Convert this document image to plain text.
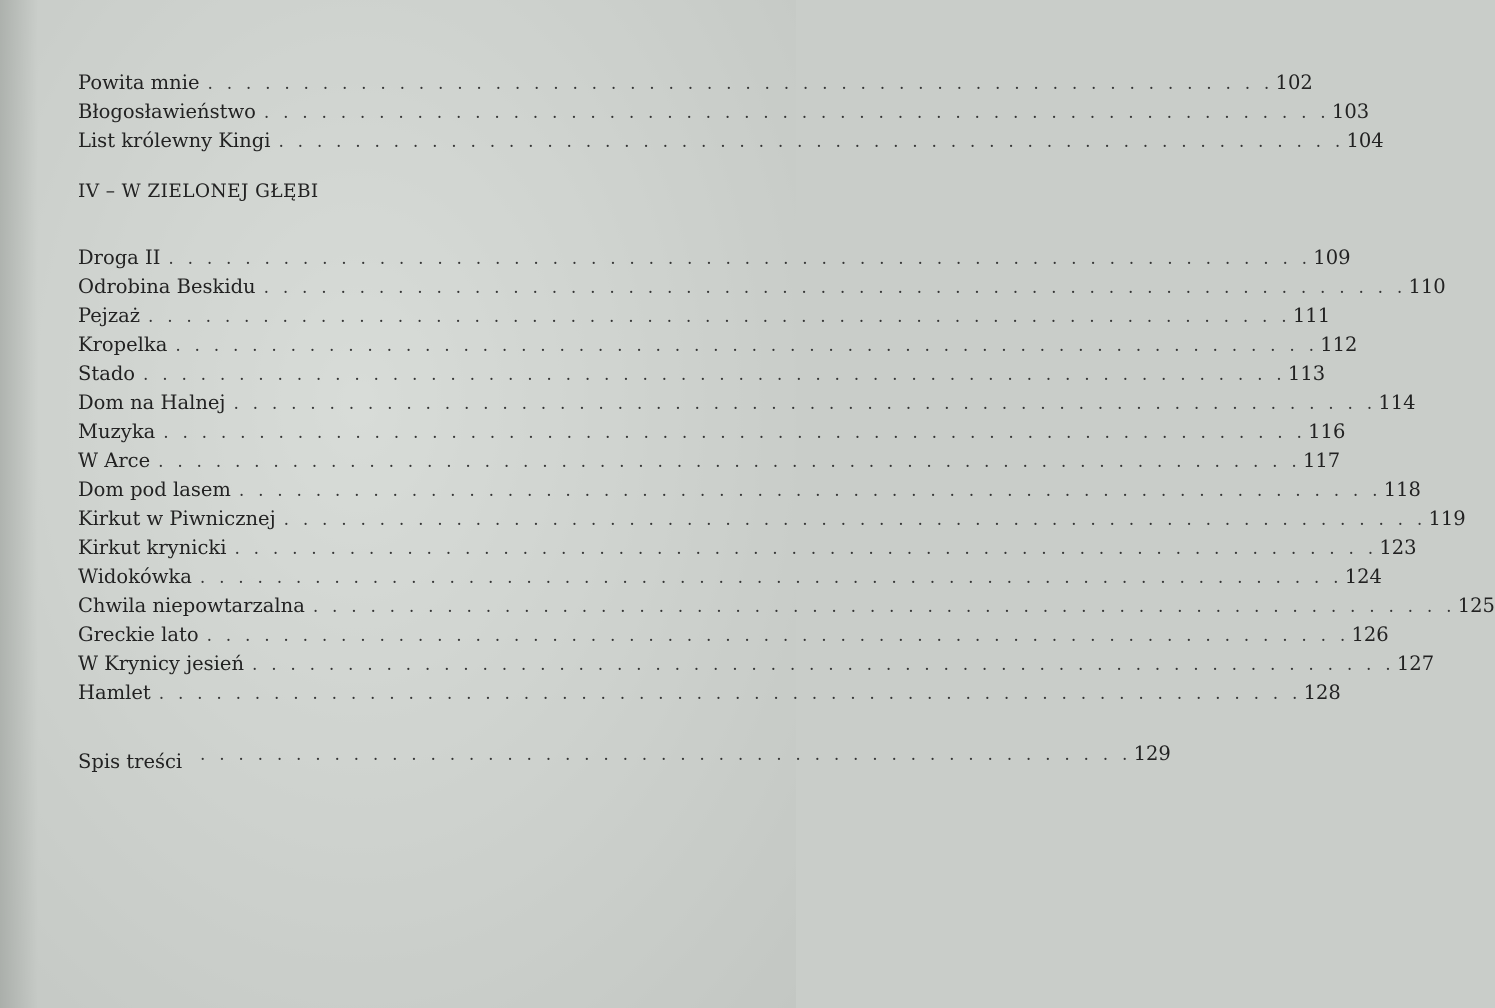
Powita mnie . . . . . . . . . . . . . . . . . . . . . . . . . . . . . . . . . . . . . . . . . . . . . . . . . . . . . . . . 102
Błogosławieństwo . . . . . . . . . . . . . . . . . . . . . . . . . . . . . . . . . . . . . . . . . . . . . . . . . . . . . . . . 103
List królewny Kingi . . . . . . . . . . . . . . . . . . . . . . . . . . . . . . . . . . . . . . . . . . . . . . . . . . . . . . . . 104
IV – W ZIELONEJ GŁĘBI
Droga II . . . . . . . . . . . . . . . . . . . . . . . . . . . . . . . . . . . . . . . . . . . . . . . . . . . . . . . . . . . . 109
Odrobina Beskidu . . . . . . . . . . . . . . . . . . . . . . . . . . . . . . . . . . . . . . . . . . . . . . . . . . . . . . . . . . . . 110
Pejzaż . . . . . . . . . . . . . . . . . . . . . . . . . . . . . . . . . . . . . . . . . . . . . . . . . . . . . . . . . . . . 111
Kropelka . . . . . . . . . . . . . . . . . . . . . . . . . . . . . . . . . . . . . . . . . . . . . . . . . . . . . . . . . . . . 112
Stado . . . . . . . . . . . . . . . . . . . . . . . . . . . . . . . . . . . . . . . . . . . . . . . . . . . . . . . . . . . . 113
Dom na Halnej . . . . . . . . . . . . . . . . . . . . . . . . . . . . . . . . . . . . . . . . . . . . . . . . . . . . . . . . . . . . 114
Muzyka . . . . . . . . . . . . . . . . . . . . . . . . . . . . . . . . . . . . . . . . . . . . . . . . . . . . . . . . . . . . 116
W Arce . . . . . . . . . . . . . . . . . . . . . . . . . . . . . . . . . . . . . . . . . . . . . . . . . . . . . . . . . . . . 117
Dom pod lasem . . . . . . . . . . . . . . . . . . . . . . . . . . . . . . . . . . . . . . . . . . . . . . . . . . . . . . . . . . . . 118
Kirkut w Piwnicznej . . . . . . . . . . . . . . . . . . . . . . . . . . . . . . . . . . . . . . . . . . . . . . . . . . . . . . . . . . . . 119
Kirkut krynicki . . . . . . . . . . . . . . . . . . . . . . . . . . . . . . . . . . . . . . . . . . . . . . . . . . . . . . . . . . . . 123
Widokówka . . . . . . . . . . . . . . . . . . . . . . . . . . . . . . . . . . . . . . . . . . . . . . . . . . . . . . . . . . . . 124
Chwila niepowtarzalna . . . . . . . . . . . . . . . . . . . . . . . . . . . . . . . . . . . . . . . . . . . . . . . . . . . . . . . . . . . . 125
Greckie lato . . . . . . . . . . . . . . . . . . . . . . . . . . . . . . . . . . . . . . . . . . . . . . . . . . . . . . . . . . . . 126
W Krynicy jesień . . . . . . . . . . . . . . . . . . . . . . . . . . . . . . . . . . . . . . . . . . . . . . . . . . . . . . . . . . . . 127
Hamlet . . . . . . . . . . . . . . . . . . . . . . . . . . . . . . . . . . . . . . . . . . . . . . . . . . . . . . . . . . . . 128
Spis treści	. . . . . . . . . . . . . . . . . . . . . . . . . . . . . . . . . . . . . . . . . . . . . . . . . 129
